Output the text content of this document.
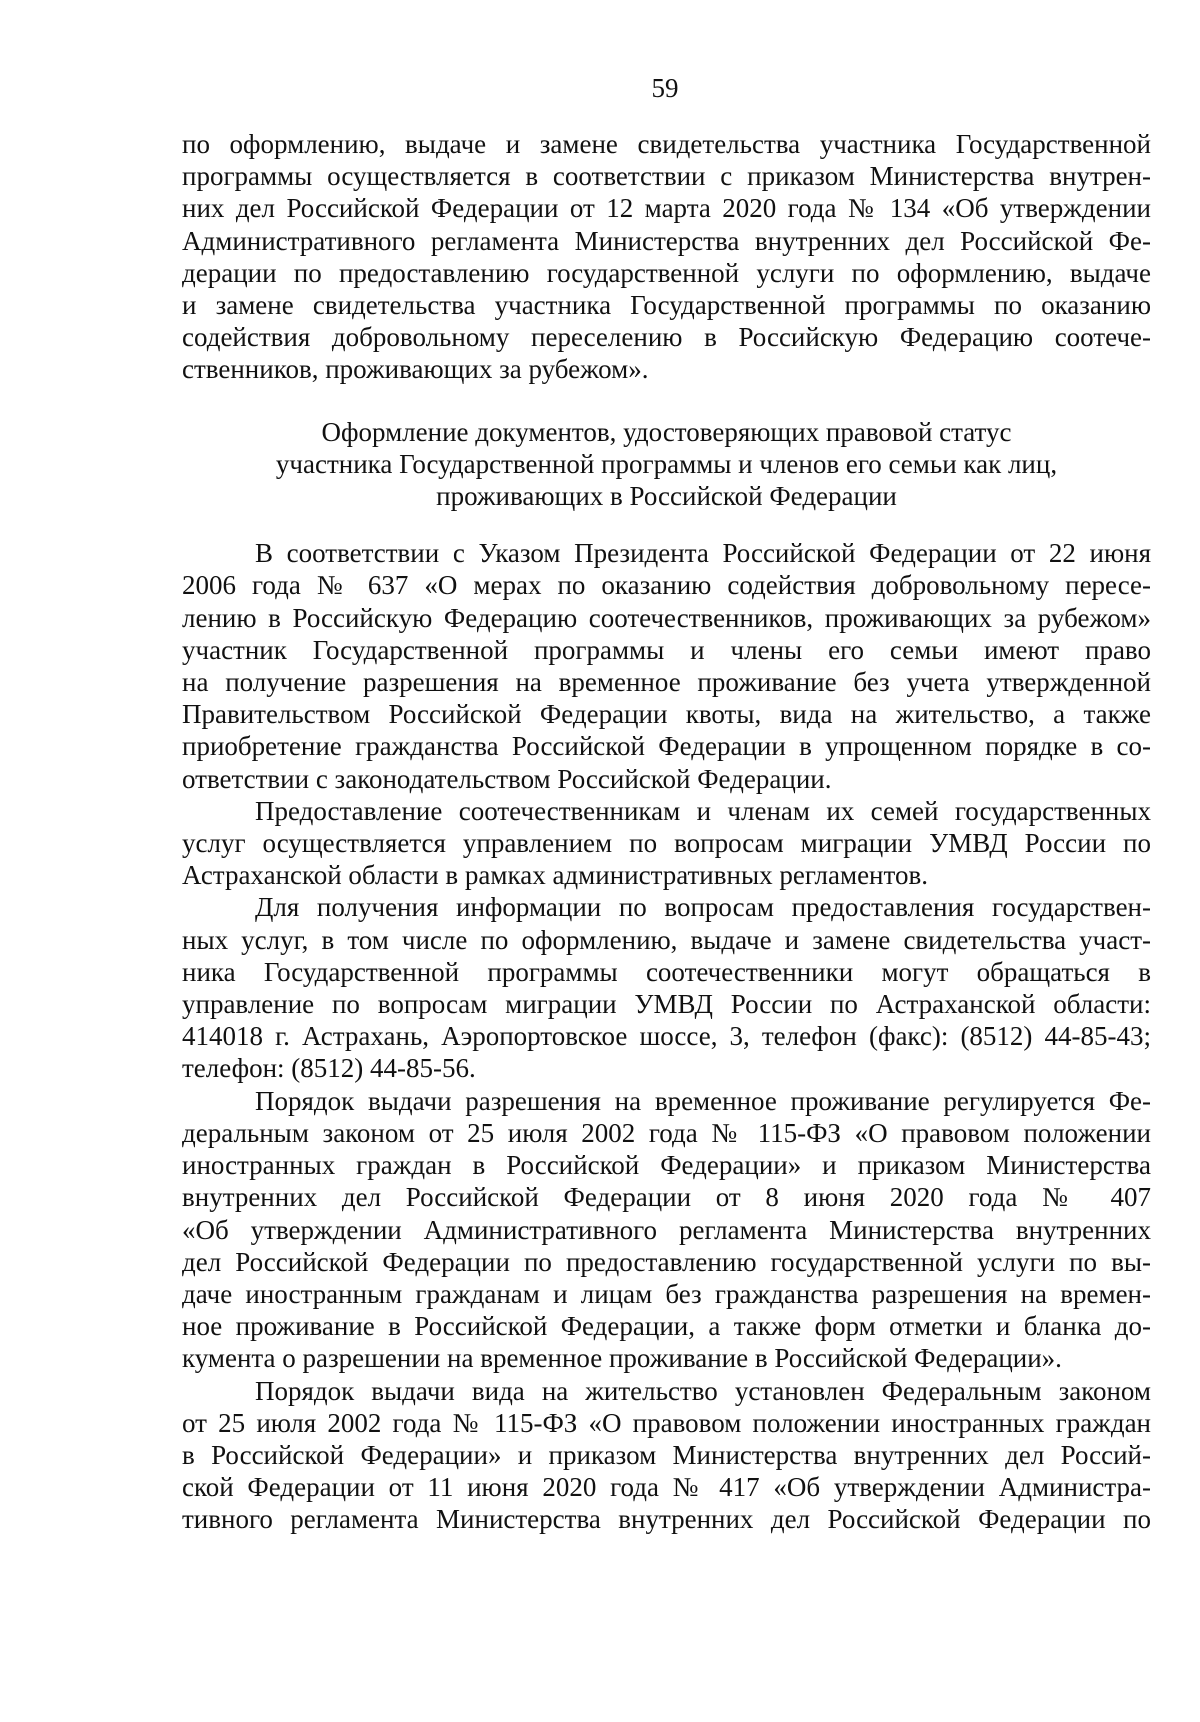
59
по оформлению, выдаче и замене свидетельства участника Государственной
программы осуществляется в соответствии с приказом Министерства внутрен-
них дел Российской Федерации от 12 марта 2020 года № 134 «Об утверждении
Административного регламента Министерства внутренних дел Российской Фе-
дерации по предоставлению государственной услуги по оформлению, выдаче
и замене свидетельства участника Государственной программы по оказанию
содействия добровольному переселению в Российскую Федерацию соотече-
ственников, проживающих за рубежом».
Оформление документов, удостоверяющих правовой статус
участника Государственной программы и членов его семьи как лиц,
проживающих в Российской Федерации
В соответствии с Указом Президента Российской Федерации от 22 июня
2006 года № 637 «О мерах по оказанию содействия добровольному пересе-
лению в Российскую Федерацию соотечественников, проживающих за рубежом»
участник Государственной программы и члены его семьи имеют право
на получение разрешения на временное проживание без учета утвержденной
Правительством Российской Федерации квоты, вида на жительство, а также
приобретение гражданства Российской Федерации в упрощенном порядке в со-
ответствии с законодательством Российской Федерации.
Предоставление соотечественникам и членам их семей государственных
услуг осуществляется управлением по вопросам миграции УМВД России по
Астраханской области в рамках административных регламентов.
Для получения информации по вопросам предоставления государствен-
ных услуг, в том числе по оформлению, выдаче и замене свидетельства участ-
ника Государственной программы соотечественники могут обращаться в
управление по вопросам миграции УМВД России по Астраханской области:
414018 г. Астрахань, Аэропортовское шоссе, 3, телефон (факс): (8512) 44-85-43;
телефон: (8512) 44-85-56.
Порядок выдачи разрешения на временное проживание регулируется Фе-
деральным законом от 25 июля 2002 года № 115-ФЗ «О правовом положении
иностранных граждан в Российской Федерации» и приказом Министерства
внутренних дел Российской Федерации от 8 июня 2020 года № 407
«Об утверждении Административного регламента Министерства внутренних
дел Российской Федерации по предоставлению государственной услуги по вы-
даче иностранным гражданам и лицам без гражданства разрешения на времен-
ное проживание в Российской Федерации, а также форм отметки и бланка до-
кумента о разрешении на временное проживание в Российской Федерации».
Порядок выдачи вида на жительство установлен Федеральным законом
от 25 июля 2002 года № 115-ФЗ «О правовом положении иностранных граждан
в Российской Федерации» и приказом Министерства внутренних дел Россий-
ской Федерации от 11 июня 2020 года № 417 «Об утверждении Администра-
тивного регламента Министерства внутренних дел Российской Федерации по
